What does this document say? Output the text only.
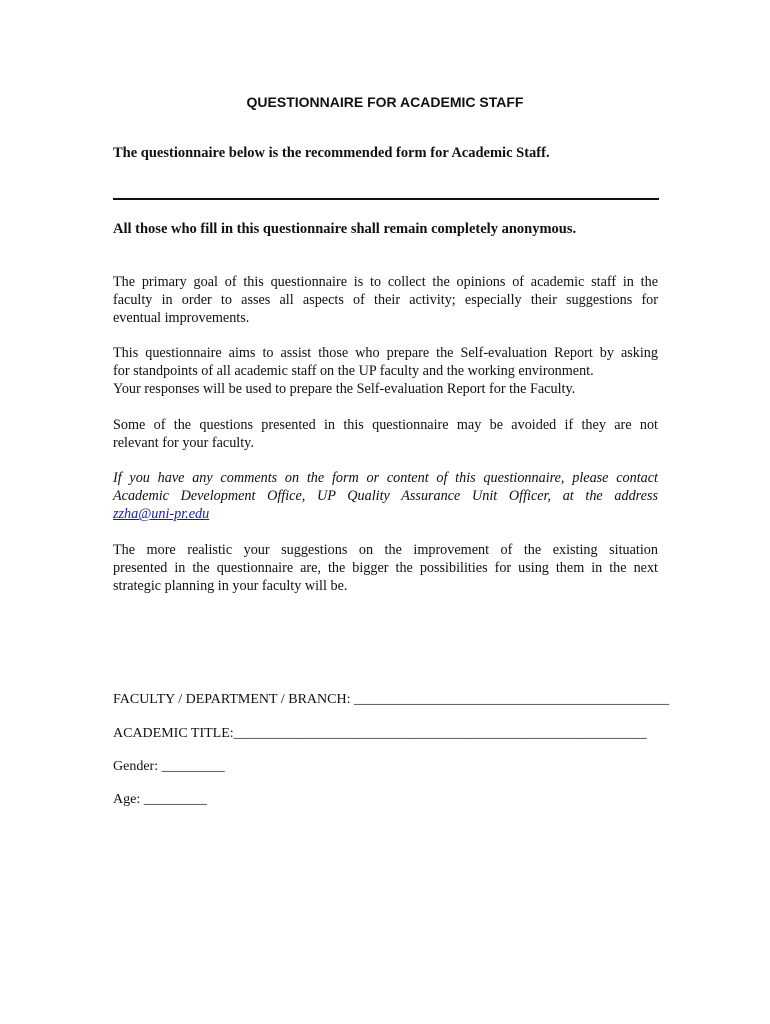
QUESTIONNAIRE FOR ACADEMIC STAFF
The questionnaire below is the recommended form for Academic Staff.
All those who fill in this questionnaire shall remain completely anonymous.
The primary goal of this questionnaire is to collect the opinions of academic staff in the
faculty in order to asses all aspects of their activity; especially their suggestions for
eventual improvements.
This questionnaire aims to assist those who prepare the Self-evaluation Report by asking
for standpoints of all academic staff on the UP faculty and the working environment.
Your responses will be used to prepare the Self-evaluation Report for the Faculty.
Some of the questions presented in this questionnaire may be avoided if they are not
relevant for your faculty.
If you have any comments on the form or content of this questionnaire, please contact
Academic Development Office, UP Quality Assurance Unit Officer, at the address
zzha@uni-pr.edu
The more realistic your suggestions on the improvement of the existing situation
presented in the questionnaire are, the bigger the possibilities for using them in the next
strategic planning in your faculty will be.
FACULTY / DEPARTMENT / BRANCH: _____________________________________________
ACADEMIC TITLE:___________________________________________________________
Gender: _________
Age: _________
